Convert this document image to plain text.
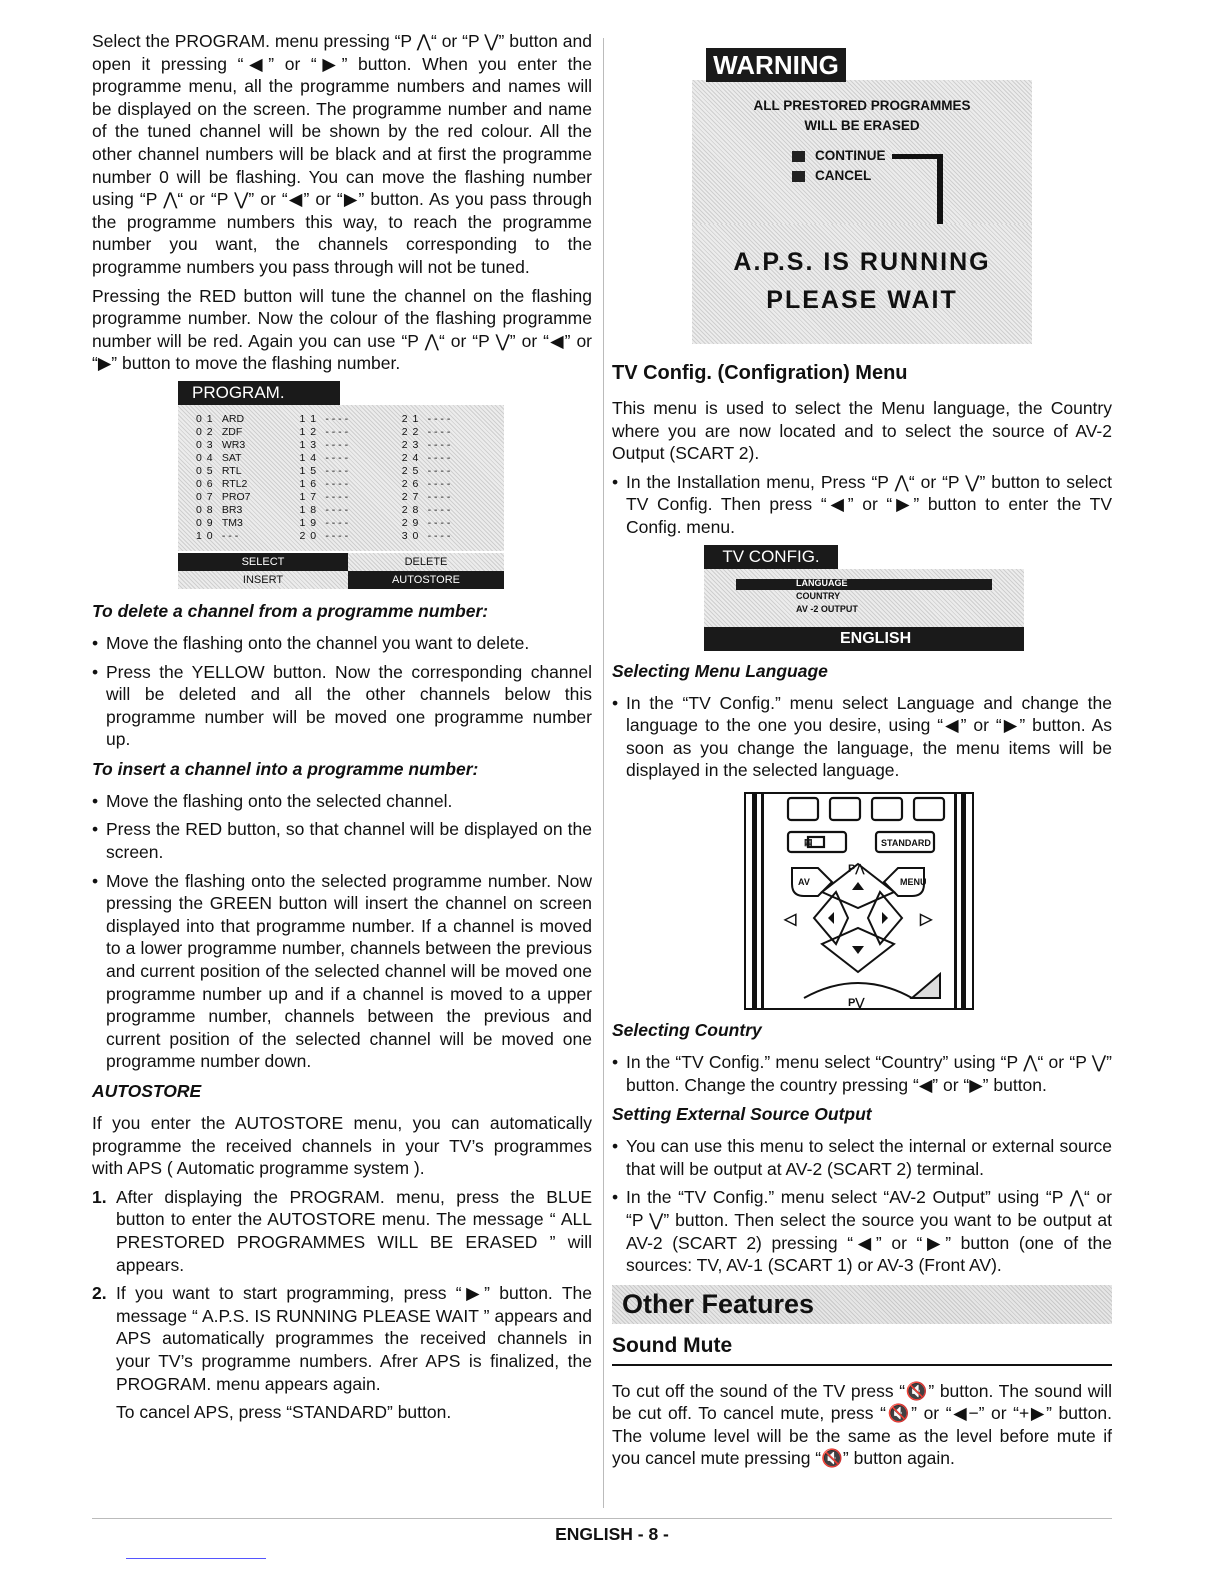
Select the PROGRAM. menu pressing “P ⋀“ or “P ⋁” button and open it pressing “◀” or “▶” button. When you enter the programme menu, all the programme numbers and names will be displayed on the screen. The programme number and name of the tuned channel will be shown by the red colour. All the other channel numbers will be black and at first the programme number 0 will be flashing. You can move the flashing number using “P ⋀“ or “P ⋁” or “◀” or “▶” button. As you pass through the programme numbers this way, to reach the programme number you want, the channels corresponding to the programme numbers you pass through will not be tuned.

Pressing the RED button will tune the channel on the flashing programme number. Now the colour of the flashing programme number will be red. Again you can use “P ⋀“ or “P ⋁” or “◀” or “▶” button to move the flashing number.

PROGRAM.
0 1	ARD	1 1	- - - -	2 1	- - - -
0 2	ZDF	1 2	- - - -	2 2	- - - -
0 3	WR3	1 3	- - - -	2 3	- - - -
0 4	SAT	1 4	- - - -	2 4	- - - -
0 5	RTL	1 5	- - - -	2 5	- - - -
0 6	RTL2	1 6	- - - -	2 6	- - - -
0 7	PRO7	1 7	- - - -	2 7	- - - -
0 8	BR3	1 8	- - - -	2 8	- - - -
0 9	TM3	1 9	- - - -	2 9	- - - -
1 0	- - -	2 0	- - - -	3 0	- - - -
SELECT	DELETE
INSERT	AUTOSTORE
To delete a channel from a programme number:
• Move the flashing onto the channel you want to delete.
• Press the YELLOW button. Now the corresponding channel will be deleted and all the other channels below this programme number will be moved one programme number up.
To insert a channel into a programme number:
• Move the flashing onto the selected channel.
• Press the RED button, so that channel will be displayed on the screen.
• Move the flashing onto the selected programme number. Now pressing the GREEN button will insert the channel on screen displayed into that programme number. If a channel is moved to a lower programme number, channels between the previous and current position of the selected channel will be moved one programme number up and if a channel is moved to a upper programme number, channels between the previous and current position of the selected channel will be moved one programme number down.
AUTOSTORE

If you enter the AUTOSTORE menu, you can automatically programme the received channels in your TV’s programmes with APS ( Automatic programme system ).

1. After displaying the PROGRAM. menu, press the BLUE button to enter the AUTOSTORE menu. The message “ ALL PRESTORED PROGRAMMES WILL BE ERASED ” will appears.
2. If you want to start programming, press “▶” button. The message “ A.P.S. IS RUNNING PLEASE WAIT ” appears and APS automatically programmes the received channels in your TV’s programme numbers. Afrer APS is finalized, the PROGRAM. menu appears again.

To cancel APS, press “STANDARD” button.

ALL PRESTORED PROGRAMMES
WILL BE ERASED
CONTINUE
CANCEL
WARNING
A.P.S. IS RUNNING
PLEASE WAIT
TV Config. (Configration) Menu

This menu is used to select the Menu language, the Country where you are now located and to select the source of AV-2 Output (SCART 2).

• In the Installation menu, Press “P ⋀“ or “P ⋁” button to select TV Config. Then press “◀” or “▶” button to enter the TV Config. menu.
LANGUAGE
COUNTRY
AV -2 OUTPUT
TV CONFIG.
ENGLISH
Selecting Menu Language
• In the “TV Config.” menu select Language and change the language to the one you desire, using “◀” or “▶” button. As soon as you change the language, the menu items will be displayed in the selected language.
▤	STANDARD
AV	MENU
P⋀
P⋁
◁	▷
Selecting Country
• In the “TV Config.” menu select “Country” using “P ⋀“ or “P ⋁” button. Change the country pressing “◀” or “▶” button.
Setting External Source Output
• You can use this menu to select the internal or external source that will be output at AV-2 (SCART 2) terminal.
• In the “TV Config.” menu select “AV-2 Output” using “P ⋀“ or “P ⋁” button. Then select the source you want to be output at AV-2 (SCART 2) pressing “◀” or “▶” button (one of the sources: TV, AV-1 (SCART 1) or AV-3 (Front AV).
Other Features
Sound Mute

To cut off the sound of the TV press “🔇” button. The sound will be cut off. To cancel mute, press “🔇” or “◀−” or “+▶” button. The volume level will be the same as the level before mute if you cancel mute pressing “🔇” button again.

ENGLISH - 8 -
